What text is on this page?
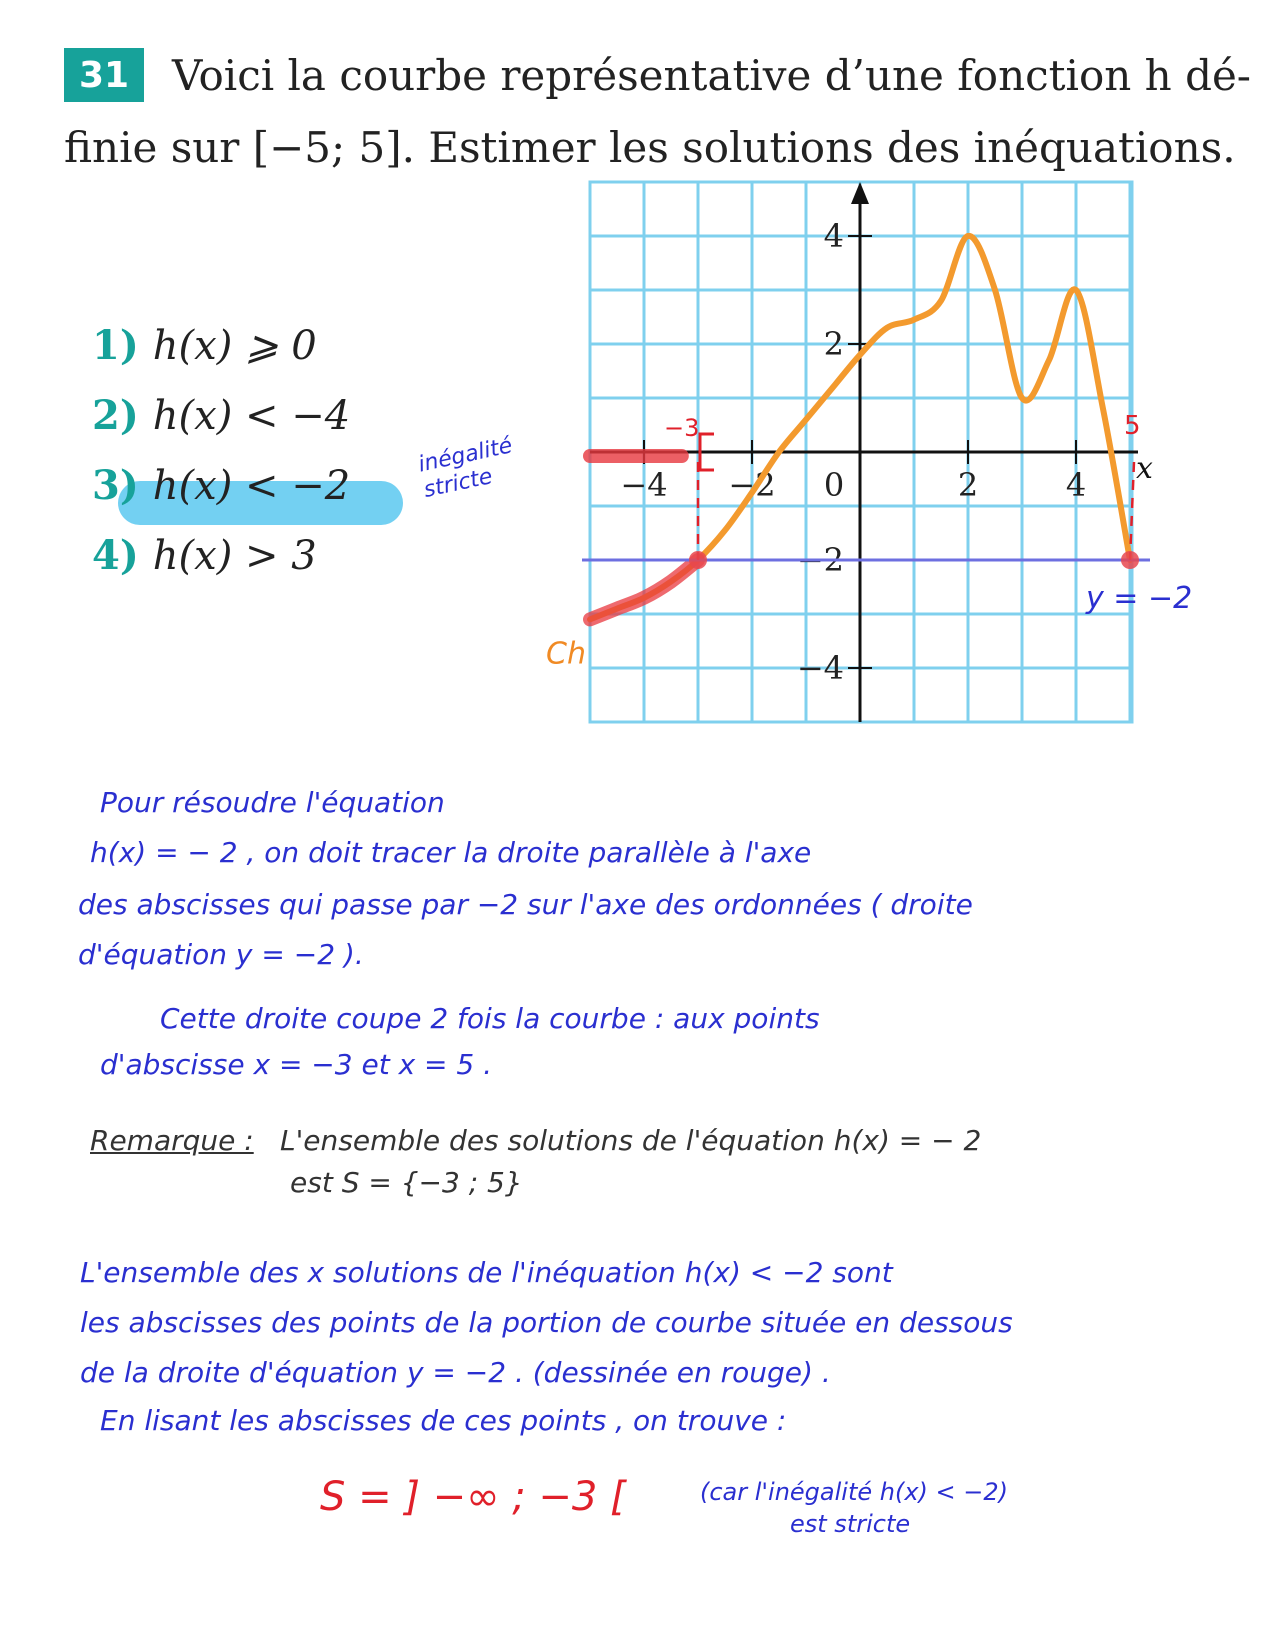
31 Voici la courbe représentative d’une fonction h dé-
finie sur [−5; 5]. Estimer les solutions des inéquations.
1) h(x) ⩾ 0
2) h(x) < −4
3) h(x) < −2
4) h(x) > 3
inégalité stricte	−4 −2 0	2	4
4
2
−2
−4
x
−3	5
y = −2
Ch
Pour résoudre l'équation
h(x) = − 2 , on doit tracer la droite parallèle à l'axe
des abscisses qui passe par −2 sur l'axe des ordonnées ( droite
d'équation y = −2 ).
Cette droite coupe 2 fois la courbe : aux points
d'abscisse x = −3 et x = 5 .
Remarque : L'ensemble des solutions de l'équation h(x) = − 2
est S = {−3 ; 5}
L'ensemble des x solutions de l'inéquation h(x) < −2 sont
les abscisses des points de la portion de courbe située en dessous
de la droite d'équation y = −2 . (dessinée en rouge) .
En lisant les abscisses de ces points , on trouve :
S = ] −∞ ; −3 [	(car l'inégalité h(x) < −2)
est stricte
